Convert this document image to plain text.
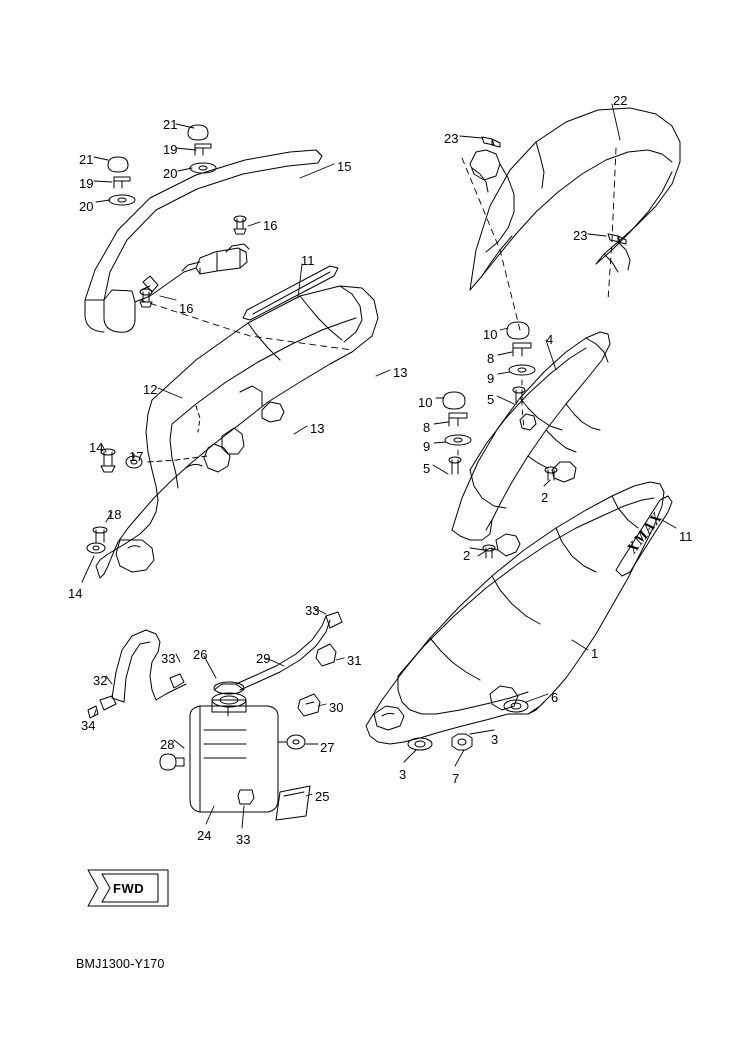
FWD
XMAX
BMJ1300-Y170
21
19
20
21
19
20
15
16
16
22
23
23
11
13
13
12
14
17
18
14
4
10
8
9
5
10
8
9
5
2
2
11
1
6
3
3	7
33
33 26	29	31
30
32
34
28	27
25
24 33
